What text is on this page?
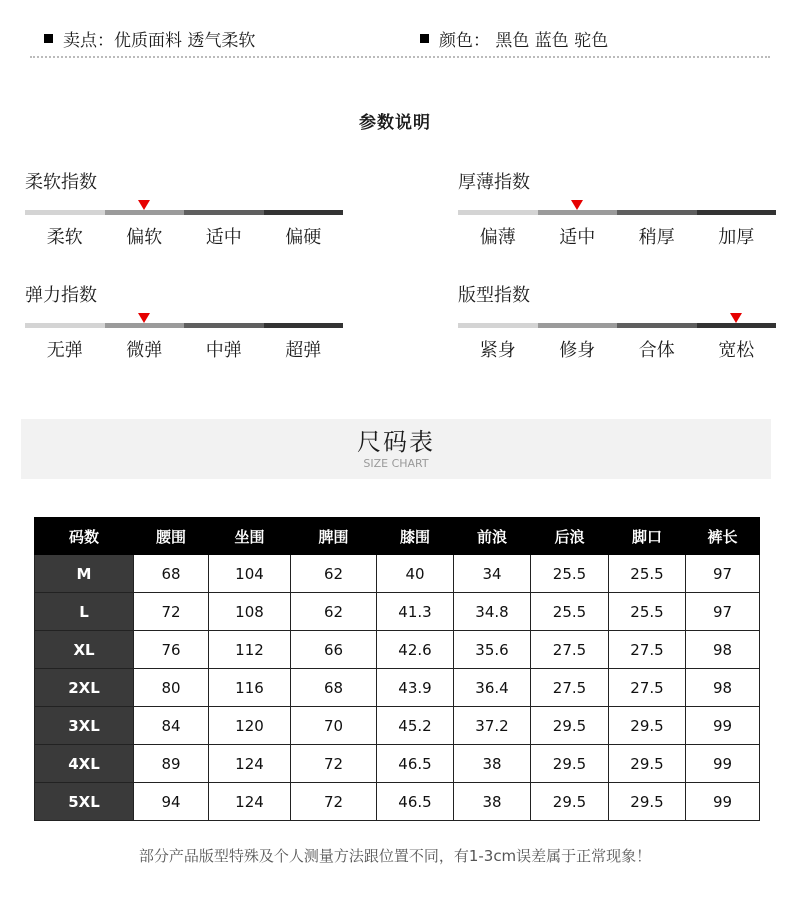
卖点：优质面料 透气柔软	颜色： 黑色 蓝色 驼色
参数说明
柔软指数
柔软	偏软	适中	偏硬
厚薄指数
偏薄	适中	稍厚	加厚
弹力指数
无弹	微弹	中弹	超弹
版型指数
紧身	修身	合体	宽松
尺码表
SIZE CHART
码数	腰围	坐围	脾围	膝围	前浪	后浪	脚口	裤长
M	68	104	62	40	34	25.5	25.5	97
L	72	108	62	41.3	34.8	25.5	25.5	97
XL	76	112	66	42.6	35.6	27.5	27.5	98
2XL	80	116	68	43.9	36.4	27.5	27.5	98
3XL	84	120	70	45.2	37.2	29.5	29.5	99
4XL	89	124	72	46.5	38	29.5	29.5	99
5XL	94	124	72	46.5	38	29.5	29.5	99
部分产品版型特殊及个人测量方法跟位置不同，有1-3cm误差属于正常现象！
